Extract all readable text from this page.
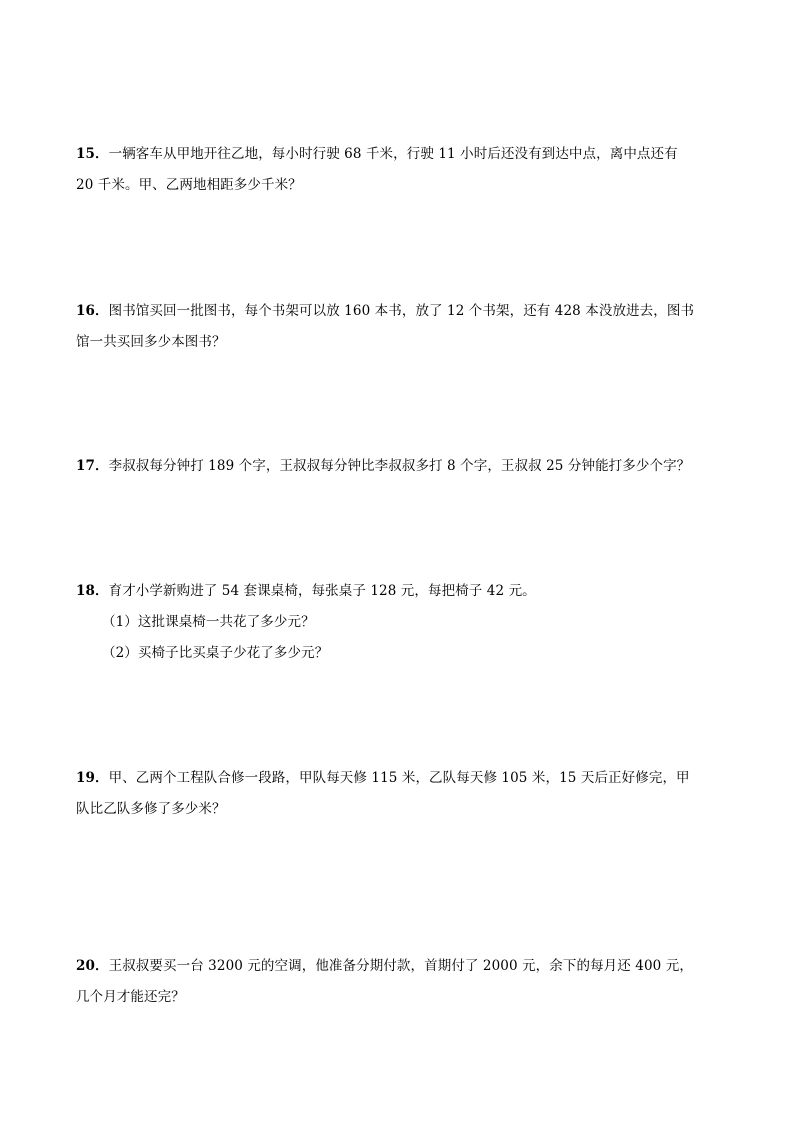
15．一辆客车从甲地开往乙地，每小时行驶 68 千米，行驶 11 小时后还没有到达中点，离中点还有
20 千米。甲、乙两地相距多少千米？
16．图书馆买回一批图书，每个书架可以放 160 本书，放了 12 个书架，还有 428 本没放进去，图书
馆一共买回多少本图书？
17．李叔叔每分钟打 189 个字，王叔叔每分钟比李叔叔多打 8 个字，王叔叔 25 分钟能打多少个字？
18．育才小学新购进了 54 套课桌椅，每张桌子 128 元，每把椅子 42 元。
（1）这批课桌椅一共花了多少元？
（2）买椅子比买桌子少花了多少元？
19．甲、乙两个工程队合修一段路，甲队每天修 115 米，乙队每天修 105 米，15 天后正好修完，甲
队比乙队多修了多少米？
20．王叔叔要买一台 3200 元的空调，他准备分期付款，首期付了 2000 元，余下的每月还 400 元，
几个月才能还完？
